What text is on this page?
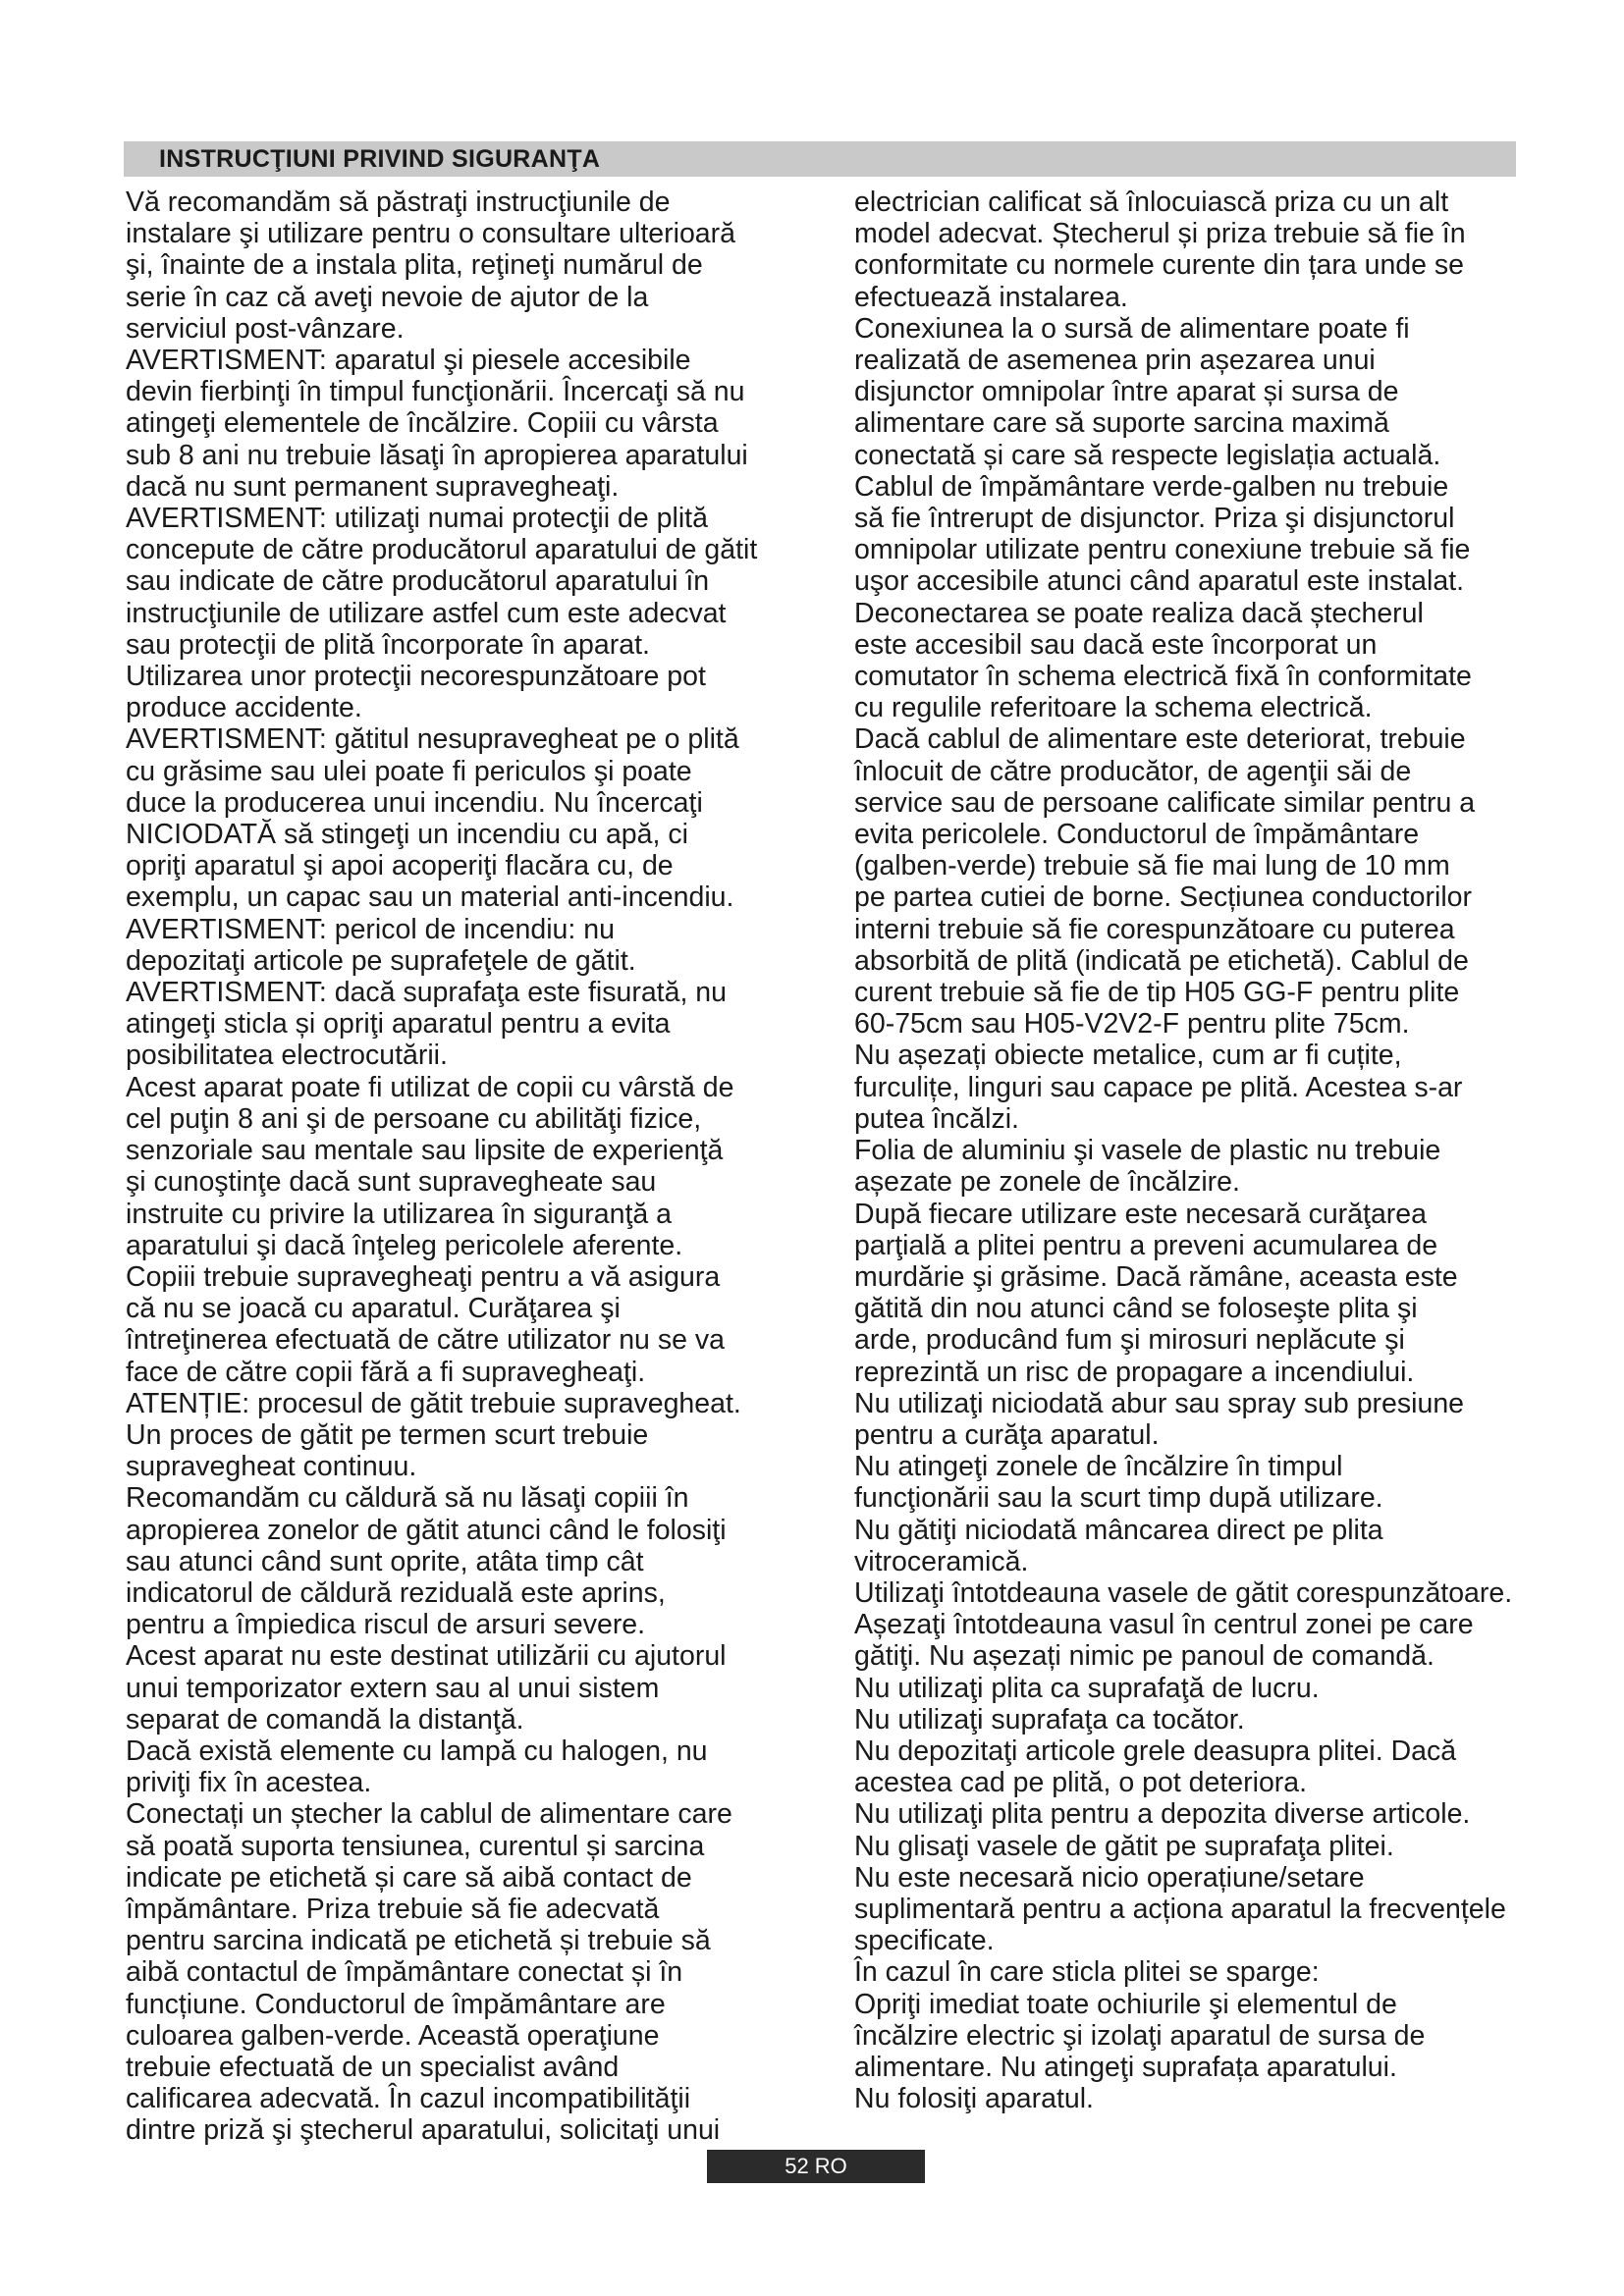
INSTRUCŢIUNI PRIVIND SIGURANŢA

Vă recomandăm să păstraţi instrucţiunile de
instalare şi utilizare pentru o consultare ulterioară
şi, înainte de a instala plita, reţineţi numărul de
serie în caz că aveţi nevoie de ajutor de la
serviciul post-vânzare.

AVERTISMENT: aparatul şi piesele accesibile
devin fierbinţi în timpul funcţionării. Încercaţi să nu
atingeţi elementele de încălzire. Copiii cu vârsta
sub 8 ani nu trebuie lăsaţi în apropierea aparatului
dacă nu sunt permanent supravegheaţi.

AVERTISMENT: utilizaţi numai protecţii de plită
concepute de către producătorul aparatului de gătit
sau indicate de către producătorul aparatului în
instrucţiunile de utilizare astfel cum este adecvat
sau protecţii de plită încorporate în aparat.
Utilizarea unor protecţii necorespunzătoare pot
produce accidente.

AVERTISMENT: gătitul nesupravegheat pe o plită
cu grăsime sau ulei poate fi periculos şi poate
duce la producerea unui incendiu. Nu încercaţi
NICIODATĂ să stingeţi un incendiu cu apă, ci
opriţi aparatul şi apoi acoperiţi flacăra cu, de
exemplu, un capac sau un material anti-incendiu.

AVERTISMENT: pericol de incendiu: nu
depozitaţi articole pe suprafeţele de gătit.

AVERTISMENT: dacă suprafaţa este fisurată, nu
atingeţi sticla și opriţi aparatul pentru a evita
posibilitatea electrocutării.

Acest aparat poate fi utilizat de copii cu vârstă de
cel puţin 8 ani şi de persoane cu abilităţi fizice,
senzoriale sau mentale sau lipsite de experienţă
şi cunoştinţe dacă sunt supravegheate sau
instruite cu privire la utilizarea în siguranţă a
aparatului şi dacă înţeleg pericolele aferente.

Copiii trebuie supravegheaţi pentru a vă asigura
că nu se joacă cu aparatul. Curăţarea şi
întreţinerea efectuată de către utilizator nu se va
face de către copii fără a fi supravegheaţi.

ATENȚIE: procesul de gătit trebuie supravegheat.
Un proces de gătit pe termen scurt trebuie
supravegheat continuu.

Recomandăm cu căldură să nu lăsaţi copiii în
apropierea zonelor de gătit atunci când le folosiţi
sau atunci când sunt oprite, atâta timp cât
indicatorul de căldură reziduală este aprins,
pentru a împiedica riscul de arsuri severe.

Acest aparat nu este destinat utilizării cu ajutorul
unui temporizator extern sau al unui sistem
separat de comandă la distanţă.

Dacă există elemente cu lampă cu halogen, nu
priviţi fix în acestea.

Conectați un ștecher la cablul de alimentare care
să poată suporta tensiunea, curentul și sarcina
indicate pe etichetă și care să aibă contact de
împământare. Priza trebuie să fie adecvată
pentru sarcina indicată pe etichetă și trebuie să
aibă contactul de împământare conectat și în
funcțiune. Conductorul de împământare are
culoarea galben-verde. Această operaţiune
trebuie efectuată de un specialist având
calificarea adecvată. În cazul incompatibilităţii
dintre priză şi ştecherul aparatului, solicitaţi unui

electrician calificat să înlocuiască priza cu un alt
model adecvat. Ștecherul și priza trebuie să fie în
conformitate cu normele curente din țara unde se
efectuează instalarea.

Conexiunea la o sursă de alimentare poate fi
realizată de asemenea prin așezarea unui
disjunctor omnipolar între aparat și sursa de
alimentare care să suporte sarcina maximă
conectată și care să respecte legislația actuală.
Cablul de împământare verde-galben nu trebuie
să fie întrerupt de disjunctor. Priza şi disjunctorul
omnipolar utilizate pentru conexiune trebuie să fie
uşor accesibile atunci când aparatul este instalat.

Deconectarea se poate realiza dacă ștecherul
este accesibil sau dacă este încorporat un
comutator în schema electrică fixă în conformitate
cu regulile referitoare la schema electrică.

Dacă cablul de alimentare este deteriorat, trebuie
înlocuit de către producător, de agenţii săi de
service sau de persoane calificate similar pentru a
evita pericolele. Conductorul de împământare
(galben-verde) trebuie să fie mai lung de 10 mm
pe partea cutiei de borne. Secțiunea conductorilor
interni trebuie să fie corespunzătoare cu puterea
absorbită de plită (indicată pe etichetă). Cablul de
curent trebuie să fie de tip H05 GG-F pentru plite
60-75cm sau H05-V2V2-F pentru plite 75cm.

Nu așezați obiecte metalice, cum ar fi cuțite,
furculițe, linguri sau capace pe plită. Acestea s-ar
putea încălzi.

Folia de aluminiu şi vasele de plastic nu trebuie
așezate pe zonele de încălzire.

După fiecare utilizare este necesară curăţarea
parţială a plitei pentru a preveni acumularea de
murdărie şi grăsime. Dacă rămâne, aceasta este
gătită din nou atunci când se foloseşte plita şi
arde, producând fum şi mirosuri neplăcute şi
reprezintă un risc de propagare a incendiului.

Nu utilizaţi niciodată abur sau spray sub presiune
pentru a curăţa aparatul.

Nu atingeţi zonele de încălzire în timpul
funcţionării sau la scurt timp după utilizare.

Nu gătiţi niciodată mâncarea direct pe plita
vitroceramică.

Utilizaţi întotdeauna vasele de gătit corespunzătoare.

Așezaţi întotdeauna vasul în centrul zonei pe care
gătiţi. Nu așezați nimic pe panoul de comandă.

Nu utilizaţi plita ca suprafaţă de lucru.

Nu utilizaţi suprafaţa ca tocător.

Nu depozitaţi articole grele deasupra plitei. Dacă
acestea cad pe plită, o pot deteriora.

Nu utilizaţi plita pentru a depozita diverse articole.

Nu glisaţi vasele de gătit pe suprafaţa plitei.

Nu este necesară nicio operațiune/setare
suplimentară pentru a acționa aparatul la frecvențele
specificate.

În cazul în care sticla plitei se sparge:
Opriţi imediat toate ochiurile şi elementul de
încălzire electric şi izolaţi aparatul de sursa de
alimentare. Nu atingeţi suprafața aparatului.
Nu folosiţi aparatul.

52 RO
